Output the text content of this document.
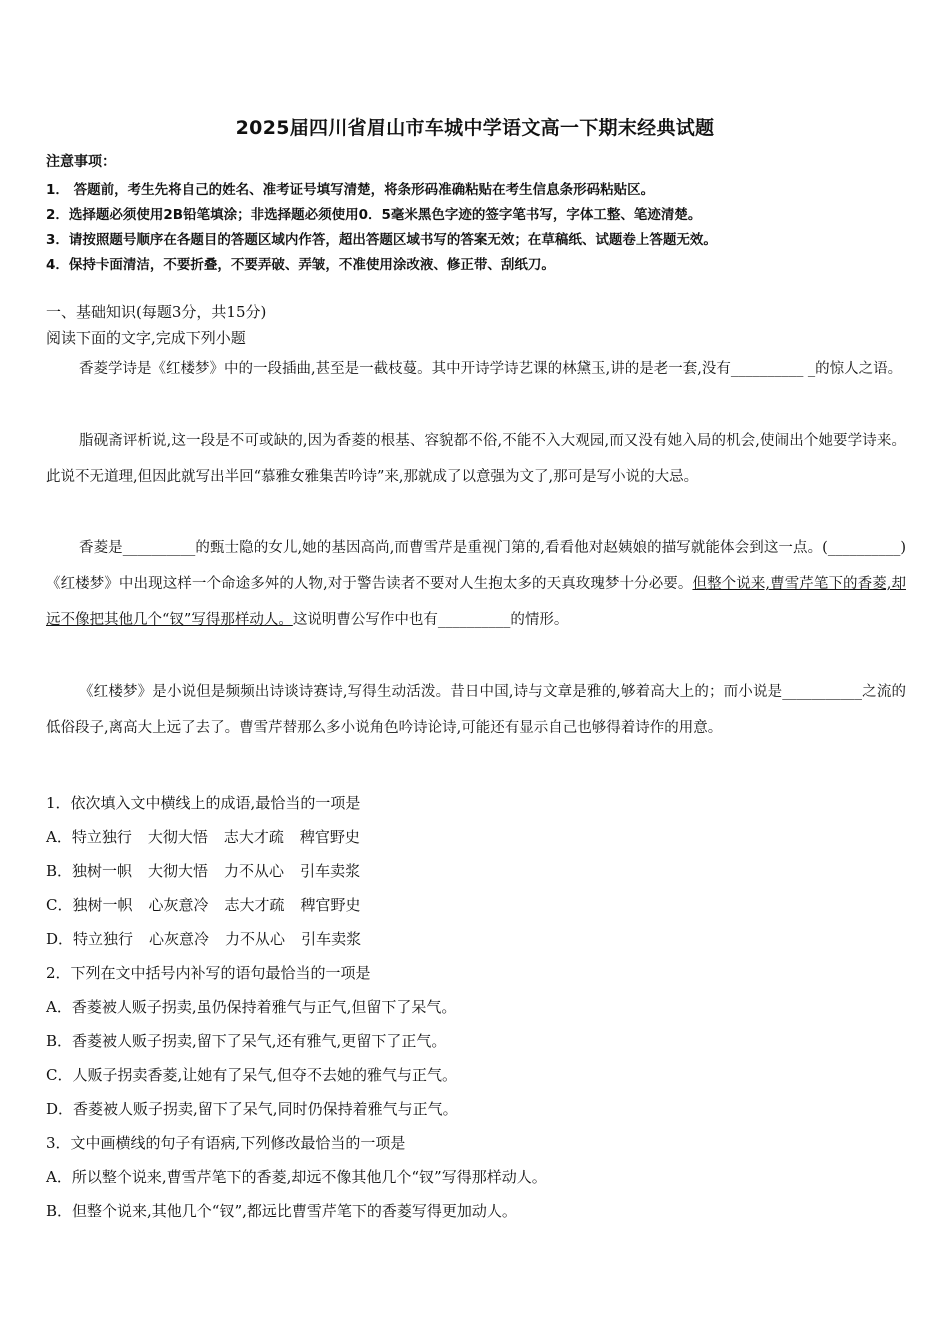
2025届四川省眉山市车城中学语文高一下期末经典试题
注意事项：
1． 答题前，考生先将自己的姓名、准考证号填写清楚，将条形码准确粘贴在考生信息条形码粘贴区。
2．选择题必须使用2B铅笔填涂；非选择题必须使用0．5毫米黑色字迹的签字笔书写，字体工整、笔迹清楚。
3．请按照题号顺序在各题目的答题区域内作答，超出答题区域书写的答案无效；在草稿纸、试题卷上答题无效。
4．保持卡面清洁，不要折叠，不要弄破、弄皱，不准使用涂改液、修正带、刮纸刀。
一、基础知识(每题3分，共15分)
阅读下面的文字,完成下列小题
香菱学诗是《红楼梦》中的一段插曲,甚至是一截枝蔓。其中开诗学诗艺课的林黛玉,讲的是老一套,没有__________ _的惊人之语。
脂砚斋评析说,这一段是不可或缺的,因为香菱的根基、容貌都不俗,不能不入大观园,而又没有她入局的机会,使闹出个她要学诗来。此说不无道理,但因此就写出半回“慕雅女雅集苦吟诗”来,那就成了以意强为文了,那可是写小说的大忌。
香菱是__________的甄士隐的女儿,她的基因高尚,而曹雪芹是重视门第的,看看他对赵姨娘的描写就能体会到这一点。(__________)《红楼梦》中出现这样一个命途多舛的人物,对于警告读者不要对人生抱太多的天真玫瑰梦十分必要。但整个说来,曹雪芹笔下的香菱,却远不像把其他几个“钗”写得那样动人。这说明曹公写作中也有__________的情形。
《红楼梦》是小说但是频频出诗谈诗赛诗,写得生动活泼。昔日中国,诗与文章是雅的,够着高大上的；而小说是___________之流的低俗段子,离高大上远了去了。曹雪芹替那么多小说角色吟诗论诗,可能还有显示自己也够得着诗作的用意。
1．依次填入文中横线上的成语,最恰当的一项是
A．特立独行 大彻大悟 志大才疏 稗官野史
B．独树一帜 大彻大悟 力不从心 引车卖浆
C．独树一帜 心灰意冷 志大才疏 稗官野史
D．特立独行 心灰意冷 力不从心 引车卖浆
2．下列在文中括号内补写的语句最恰当的一项是
A．香菱被人贩子拐卖,虽仍保持着雅气与正气,但留下了呆气。
B．香菱被人贩子拐卖,留下了呆气,还有雅气,更留下了正气。
C．人贩子拐卖香菱,让她有了呆气,但夺不去她的雅气与正气。
D．香菱被人贩子拐卖,留下了呆气,同时仍保持着雅气与正气。
3．文中画横线的句子有语病,下列修改最恰当的一项是
A．所以整个说来,曹雪芹笔下的香菱,却远不像其他几个“钗”写得那样动人。
B．但整个说来,其他几个“钗”,都远比曹雪芹笔下的香菱写得更加动人。
